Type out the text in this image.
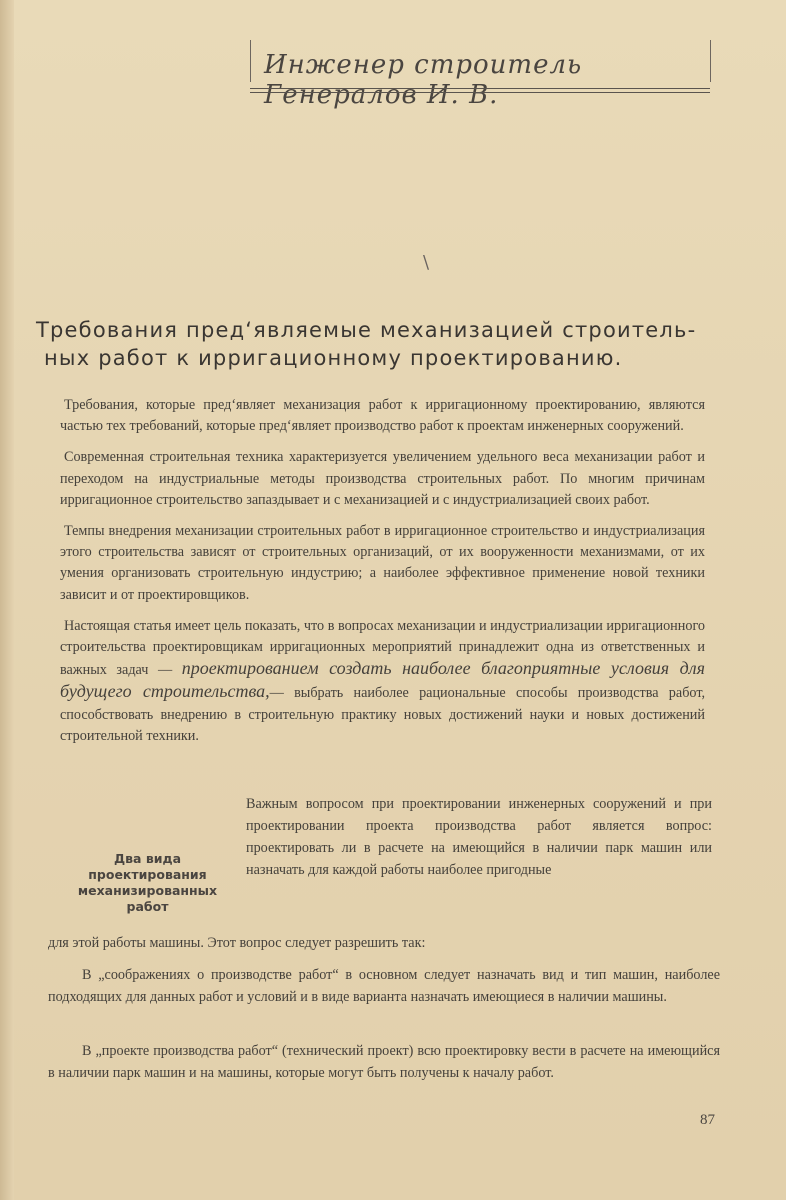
Инженер строитель Генералов И. В.
\
Требования пред‘являемые механизацией строитель-
ных работ к ирригационному проектированию.

Требования, которые пред‘являет механизация работ к ирригационному проектированию, являются частью тех требований, которые пред‘являет производство работ к проектам инженерных сооружений.

Современная строительная техника характеризуется увеличением удельного веса механизации работ и переходом на индустриальные методы производства строительных работ. По многим причинам ирригационное строительство запаздывает и с механизацией и с индустриализацией своих работ.

Темпы внедрения механизации строительных работ в ирригационное строительство и индустриализация этого строительства зависят от строительных организаций, от их вооруженности механизмами, от их умения организовать строительную индустрию; а наиболее эффективное применение новой техники зависит и от проектировщиков.

Настоящая статья имеет цель показать, что в вопросах механизации и индустриализации ирригационного строительства проектировщикам ирригационных мероприятий принадлежит одна из ответственных и важных задач — проектированием создать наиболее благоприятные условия для будущего строительства,— выбрать наиболее рациональные способы производства работ, способствовать внедрению в строительную практику новых достижений науки и новых достижений строительной техники.

Два вида
проектирования
механизированных
работ
Важным вопросом при проектировании инженерных сооружений и при проектировании проекта производства работ является вопрос: проектировать ли в расчете на имеющийся в наличии парк машин или назначать для каждой работы наиболее пригодные
для этой работы машины. Этот вопрос следует разрешить так:
В „соображениях о производстве работ“ в основном следует назначать вид и тип машин, наиболее подходящих для данных работ и условий и в виде варианта назначать имеющиеся в наличии машины.
В „проекте производства работ“ (технический проект) всю проектировку вести в расчете на имеющийся в наличии парк машин и на машины, которые могут быть получены к началу работ.
87
